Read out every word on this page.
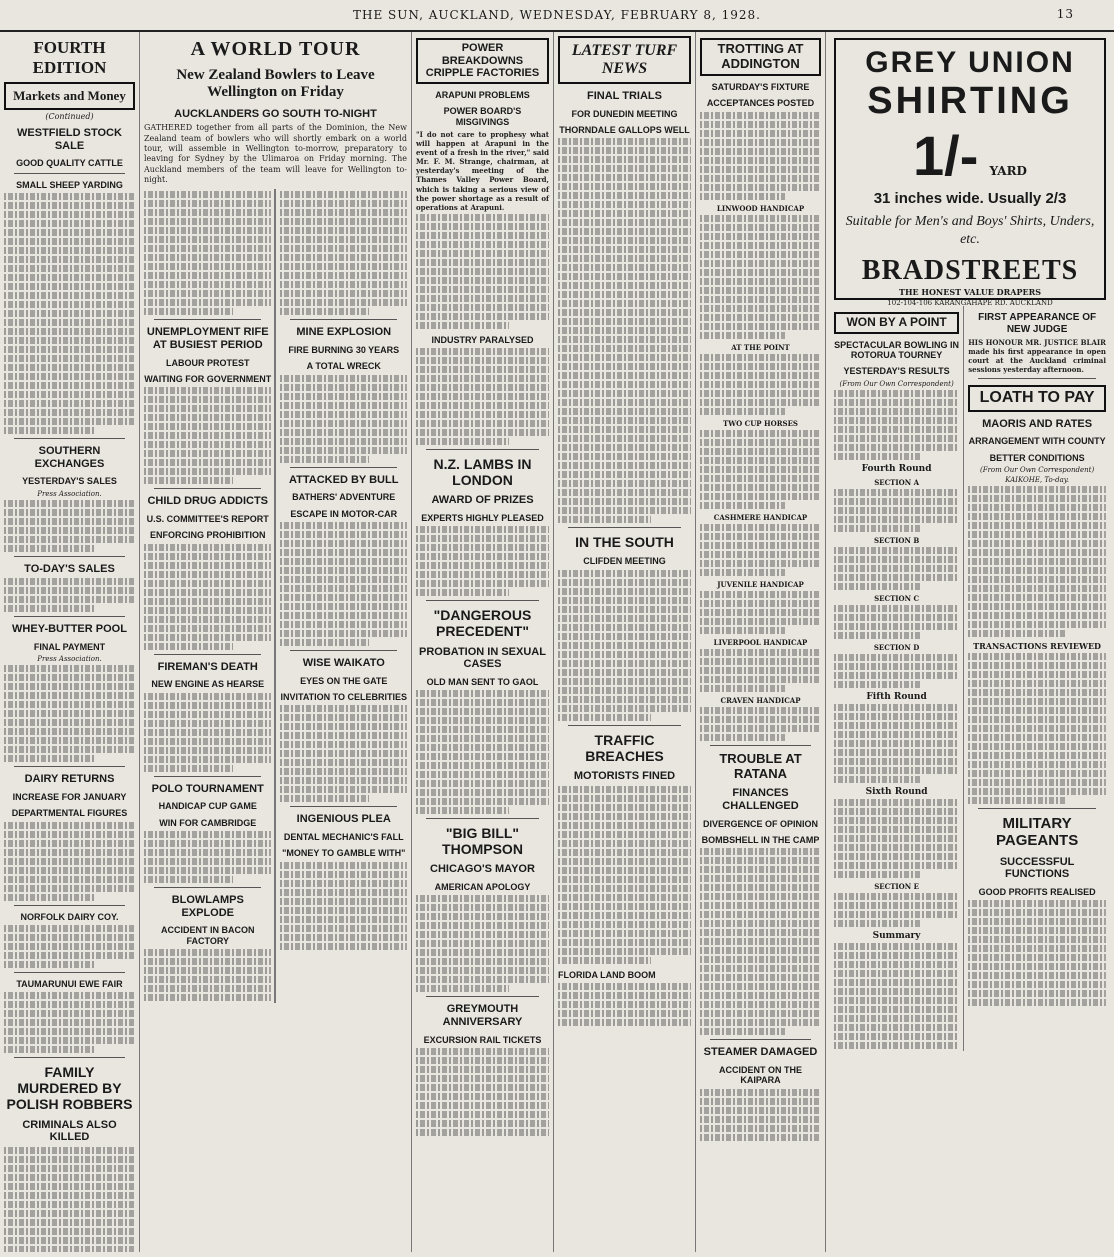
THE SUN, AUCKLAND, WEDNESDAY, FEBRUARY 8, 1928.	13
FOURTH EDITION
Markets and Money
(Continued)
WESTFIELD STOCK SALE
GOOD QUALITY CATTLE
SMALL SHEEP YARDING
SOUTHERN EXCHANGES
YESTERDAY'S SALES
Press Association.
TO-DAY'S SALES
WHEY-BUTTER POOL
FINAL PAYMENT
Press Association.
DAIRY RETURNS
INCREASE FOR JANUARY
DEPARTMENTAL FIGURES
NORFOLK DAIRY COY.
TAUMARUNUI EWE FAIR
FAMILY MURDERED BY POLISH ROBBERS
CRIMINALS ALSO KILLED
A WORLD TOUR
New Zealand Bowlers to Leave Wellington on Friday
AUCKLANDERS GO SOUTH TO-NIGHT
GATHERED together from all parts of the Dominion, the New Zealand team of bowlers who will shortly embark on a world tour, will assemble in Wellington to-morrow, preparatory to leaving for Sydney by the Ulimaroa on Friday morning. The Auckland members of the team will leave for Wellington to-night.
UNEMPLOYMENT RIFE AT BUSIEST PERIOD
LABOUR PROTEST
WAITING FOR GOVERNMENT
CHILD DRUG ADDICTS
U.S. COMMITTEE'S REPORT
ENFORCING PROHIBITION
FIREMAN'S DEATH
NEW ENGINE AS HEARSE
POLO TOURNAMENT
HANDICAP CUP GAME
WIN FOR CAMBRIDGE
BLOWLAMPS EXPLODE
ACCIDENT IN BACON FACTORY
MINE EXPLOSION
FIRE BURNING 30 YEARS
A TOTAL WRECK
ATTACKED BY BULL
BATHERS' ADVENTURE
ESCAPE IN MOTOR-CAR
WISE WAIKATO
EYES ON THE GATE
INVITATION TO CELEBRITIES
INGENIOUS PLEA
DENTAL MECHANIC'S FALL
"MONEY TO GAMBLE WITH"
POWER BREAKDOWNS CRIPPLE FACTORIES
ARAPUNI PROBLEMS
POWER BOARD'S MISGIVINGS
"I do not care to prophesy what will happen at Arapuni in the event of a fresh in the river," said Mr. F. M. Strange, chairman, at yesterday's meeting of the Thames Valley Power Board, which is taking a serious view of the power shortage as a result of operations at Arapuni.
INDUSTRY PARALYSED
N.Z. LAMBS IN LONDON
AWARD OF PRIZES
EXPERTS HIGHLY PLEASED
"DANGEROUS PRECEDENT"
PROBATION IN SEXUAL CASES
OLD MAN SENT TO GAOL
"BIG BILL" THOMPSON
CHICAGO'S MAYOR
AMERICAN APOLOGY
GREYMOUTH ANNIVERSARY
EXCURSION RAIL TICKETS
LATEST TURF NEWS
FINAL TRIALS
FOR DUNEDIN MEETING
THORNDALE GALLOPS WELL
IN THE SOUTH
CLIFDEN MEETING
TRAFFIC BREACHES
MOTORISTS FINED
FLORIDA LAND BOOM
TROTTING AT ADDINGTON
SATURDAY'S FIXTURE
ACCEPTANCES POSTED
LINWOOD HANDICAP
AT THE POINT
TWO CUP HORSES
CASHMERE HANDICAP
JUVENILE HANDICAP
LIVERPOOL HANDICAP
CRAVEN HANDICAP
TROUBLE AT RATANA
FINANCES CHALLENGED
DIVERGENCE OF OPINION
BOMBSHELL IN THE CAMP
STEAMER DAMAGED
ACCIDENT ON THE KAIPARA
GREY UNION
SHIRTING
1/- YARD
31 inches wide. Usually 2/3
Suitable for Men's and Boys' Shirts, Unders, etc.
BRADSTREETS
THE HONEST VALUE DRAPERS
102-104-106 KARANGAHAPE RD. AUCKLAND
WON BY A POINT
SPECTACULAR BOWLING IN ROTORUA TOURNEY
YESTERDAY'S RESULTS
(From Our Own Correspondent)
Fourth Round
SECTION A
SECTION B
SECTION C
SECTION D
Fifth Round
Sixth Round
SECTION E
Summary
FIRST APPEARANCE OF NEW JUDGE
HIS HONOUR MR. JUSTICE BLAIR made his first appearance in open court at the Auckland criminal sessions yesterday afternoon.
LOATH TO PAY
MAORIS AND RATES
ARRANGEMENT WITH COUNTY
BETTER CONDITIONS
(From Our Own Correspondent)
KAIKOHE, To-day.
TRANSACTIONS REVIEWED
MILITARY PAGEANTS
SUCCESSFUL FUNCTIONS
GOOD PROFITS REALISED
